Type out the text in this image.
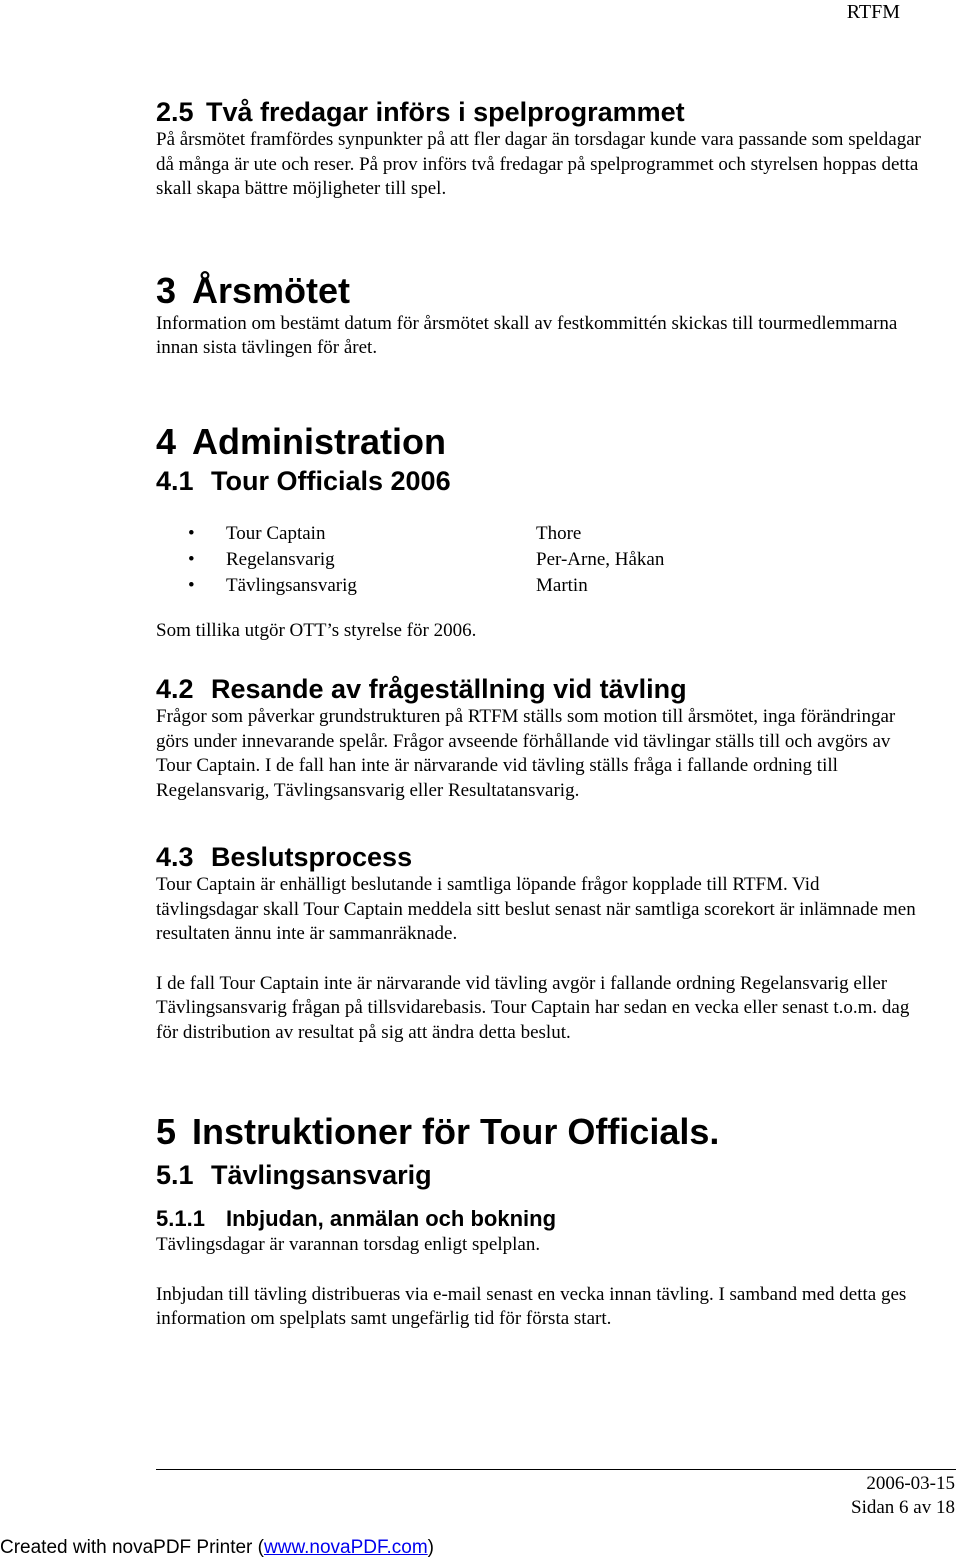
RTFM
2.5 Två fredagar införs i spelprogrammet

På årsmötet framfördes synpunkter på att fler dagar än torsdagar kunde vara passande som speldagar då många är ute och reser. På prov införs två fredagar på spelprogrammet och styrelsen hoppas detta skall skapa bättre möjligheter till spel.

3 Årsmötet

Information om bestämt datum för årsmötet skall av festkommittén skickas till tourmedlemmarna innan sista tävlingen för året.

4 Administration
4.1 Tour Officials 2006
• Tour Captain	Thore
• Regelansvarig	Per-Arne, Håkan
• Tävlingsansvarig	Martin

Som tillika utgör OTT’s styrelse för 2006.

4.2 Resande av frågeställning vid tävling

Frågor som påverkar grundstrukturen på RTFM ställs som motion till årsmötet, inga förändringar görs under innevarande spelår. Frågor avseende förhållande vid tävlingar ställs till och avgörs av Tour Captain. I de fall han inte är närvarande vid tävling ställs fråga i fallande ordning till Regelansvarig, Tävlingsansvarig eller Resultatansvarig.

4.3 Beslutsprocess

Tour Captain är enhälligt beslutande i samtliga löpande frågor kopplade till RTFM. Vid tävlingsdagar skall Tour Captain meddela sitt beslut senast när samtliga scorekort är inlämnade men resultaten ännu inte är sammanräknade.

I de fall Tour Captain inte är närvarande vid tävling avgör i fallande ordning Regelansvarig eller Tävlingsansvarig frågan på tillsvidarebasis. Tour Captain har sedan en vecka eller senast t.o.m. dag för distribution av resultat på sig att ändra detta beslut.

5 Instruktioner för Tour Officials.
5.1 Tävlingsansvarig
5.1.1 Inbjudan, anmälan och bokning

Tävlingsdagar är varannan torsdag enligt spelplan.

Inbjudan till tävling distribueras via e-mail senast en vecka innan tävling. I samband med detta ges information om spelplats samt ungefärlig tid för första start.

2006-03-15
Sidan 6 av 18
Created with novaPDF Printer (www.novaPDF.com)
